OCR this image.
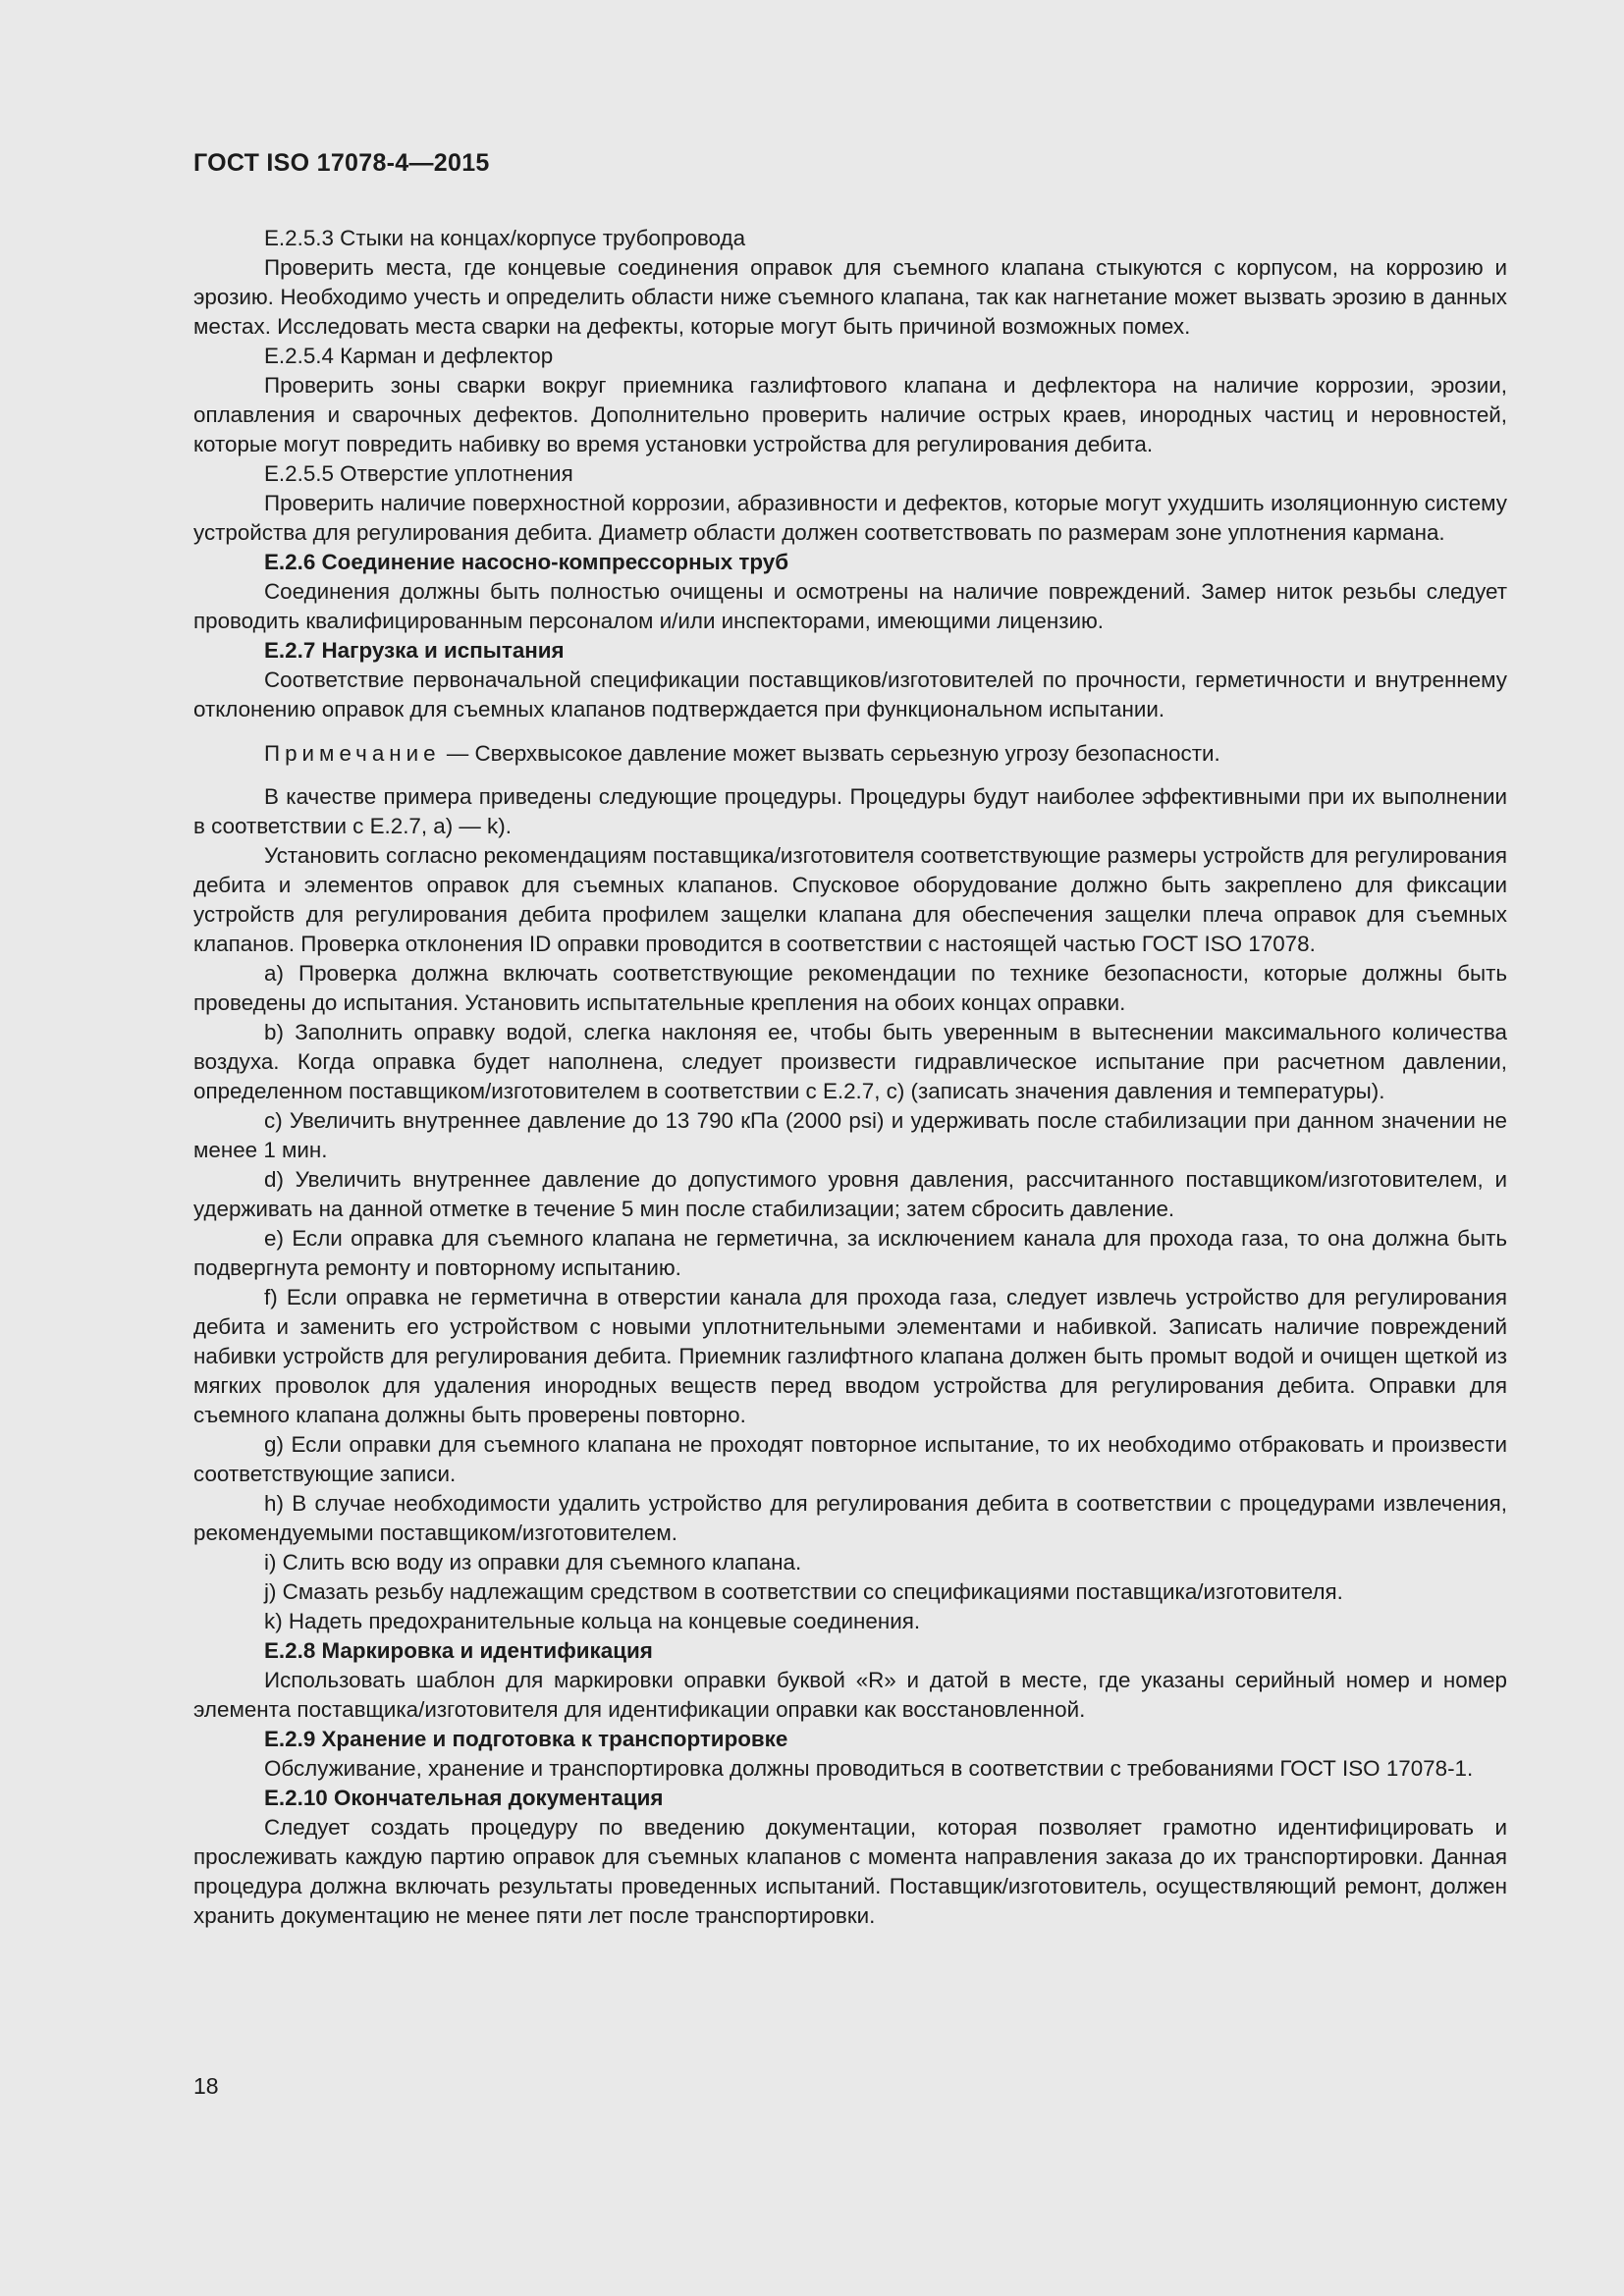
ГОСТ ISO 17078-4—2015

Е.2.5.3 Стыки на концах/корпусе трубопровода

Проверить места, где концевые соединения оправок для съемного клапана стыкуются с корпусом, на коррозию и эрозию. Необходимо учесть и определить области ниже съемного клапана, так как нагнетание может вызвать эрозию в данных местах. Исследовать места сварки на дефекты, которые могут быть причиной возможных помех.

Е.2.5.4 Карман и дефлектор

Проверить зоны сварки вокруг приемника газлифтового клапана и дефлектора на наличие коррозии, эрозии, оплавления и сварочных дефектов. Дополнительно проверить наличие острых краев, инородных частиц и неровностей, которые могут повредить набивку во время установки устройства для регулирования дебита.

Е.2.5.5 Отверстие уплотнения

Проверить наличие поверхностной коррозии, абразивности и дефектов, которые могут ухудшить изоляционную систему устройства для регулирования дебита. Диаметр области должен соответствовать по размерам зоне уплотнения кармана.

Е.2.6 Соединение насосно-компрессорных труб

Соединения должны быть полностью очищены и осмотрены на наличие повреждений. Замер ниток резьбы следует проводить квалифицированным персоналом и/или инспекторами, имеющими лицензию.

Е.2.7 Нагрузка и испытания

Соответствие первоначальной спецификации поставщиков/изготовителей по прочности, герметичности и внутреннему отклонению оправок для съемных клапанов подтверждается при функциональном испытании.

Примечание — Сверхвысокое давление может вызвать серьезную угрозу безопасности.

В качестве примера приведены следующие процедуры. Процедуры будут наиболее эффективными при их выполнении в соответствии с Е.2.7, а) — k).

Установить согласно рекомендациям поставщика/изготовителя соответствующие размеры устройств для регулирования дебита и элементов оправок для съемных клапанов. Спусковое оборудование должно быть закреплено для фиксации устройств для регулирования дебита профилем защелки клапана для обеспечения защелки плеча оправок для съемных клапанов. Проверка отклонения ID оправки проводится в соответствии с настоящей частью ГОСТ ISO 17078.

a) Проверка должна включать соответствующие рекомендации по технике безопасности, которые должны быть проведены до испытания. Установить испытательные крепления на обоих концах оправки.

b) Заполнить оправку водой, слегка наклоняя ее, чтобы быть уверенным в вытеснении максимального количества воздуха. Когда оправка будет наполнена, следует произвести гидравлическое испытание при расчетном давлении, определенном поставщиком/изготовителем в соответствии с Е.2.7, с) (записать значения давления и температуры).

c) Увеличить внутреннее давление до 13 790 кПа (2000 psi) и удерживать после стабилизации при данном значении не менее 1 мин.

d) Увеличить внутреннее давление до допустимого уровня давления, рассчитанного поставщиком/изготовителем, и удерживать на данной отметке в течение 5 мин после стабилизации; затем сбросить давление.

e) Если оправка для съемного клапана не герметична, за исключением канала для прохода газа, то она должна быть подвергнута ремонту и повторному испытанию.

f) Если оправка не герметична в отверстии канала для прохода газа, следует извлечь устройство для регулирования дебита и заменить его устройством с новыми уплотнительными элементами и набивкой. Записать наличие повреждений набивки устройств для регулирования дебита. Приемник газлифтного клапана должен быть промыт водой и очищен щеткой из мягких проволок для удаления инородных веществ перед вводом устройства для регулирования дебита. Оправки для съемного клапана должны быть проверены повторно.

g) Если оправки для съемного клапана не проходят повторное испытание, то их необходимо отбраковать и произвести соответствующие записи.

h) В случае необходимости удалить устройство для регулирования дебита в соответствии с процедурами извлечения, рекомендуемыми поставщиком/изготовителем.

i) Слить всю воду из оправки для съемного клапана.

j) Смазать резьбу надлежащим средством в соответствии со спецификациями поставщика/изготовителя.

k) Надеть предохранительные кольца на концевые соединения.

Е.2.8 Маркировка и идентификация

Использовать шаблон для маркировки оправки буквой «R» и датой в месте, где указаны серийный номер и номер элемента поставщика/изготовителя для идентификации оправки как восстановленной.

Е.2.9 Хранение и подготовка к транспортировке

Обслуживание, хранение и транспортировка должны проводиться в соответствии с требованиями ГОСТ ISO 17078-1.

Е.2.10 Окончательная документация

Следует создать процедуру по введению документации, которая позволяет грамотно идентифицировать и прослеживать каждую партию оправок для съемных клапанов с момента направления заказа до их транспортировки. Данная процедура должна включать результаты проведенных испытаний. Поставщик/изготовитель, осуществляющий ремонт, должен хранить документацию не менее пяти лет после транспортировки.

18
